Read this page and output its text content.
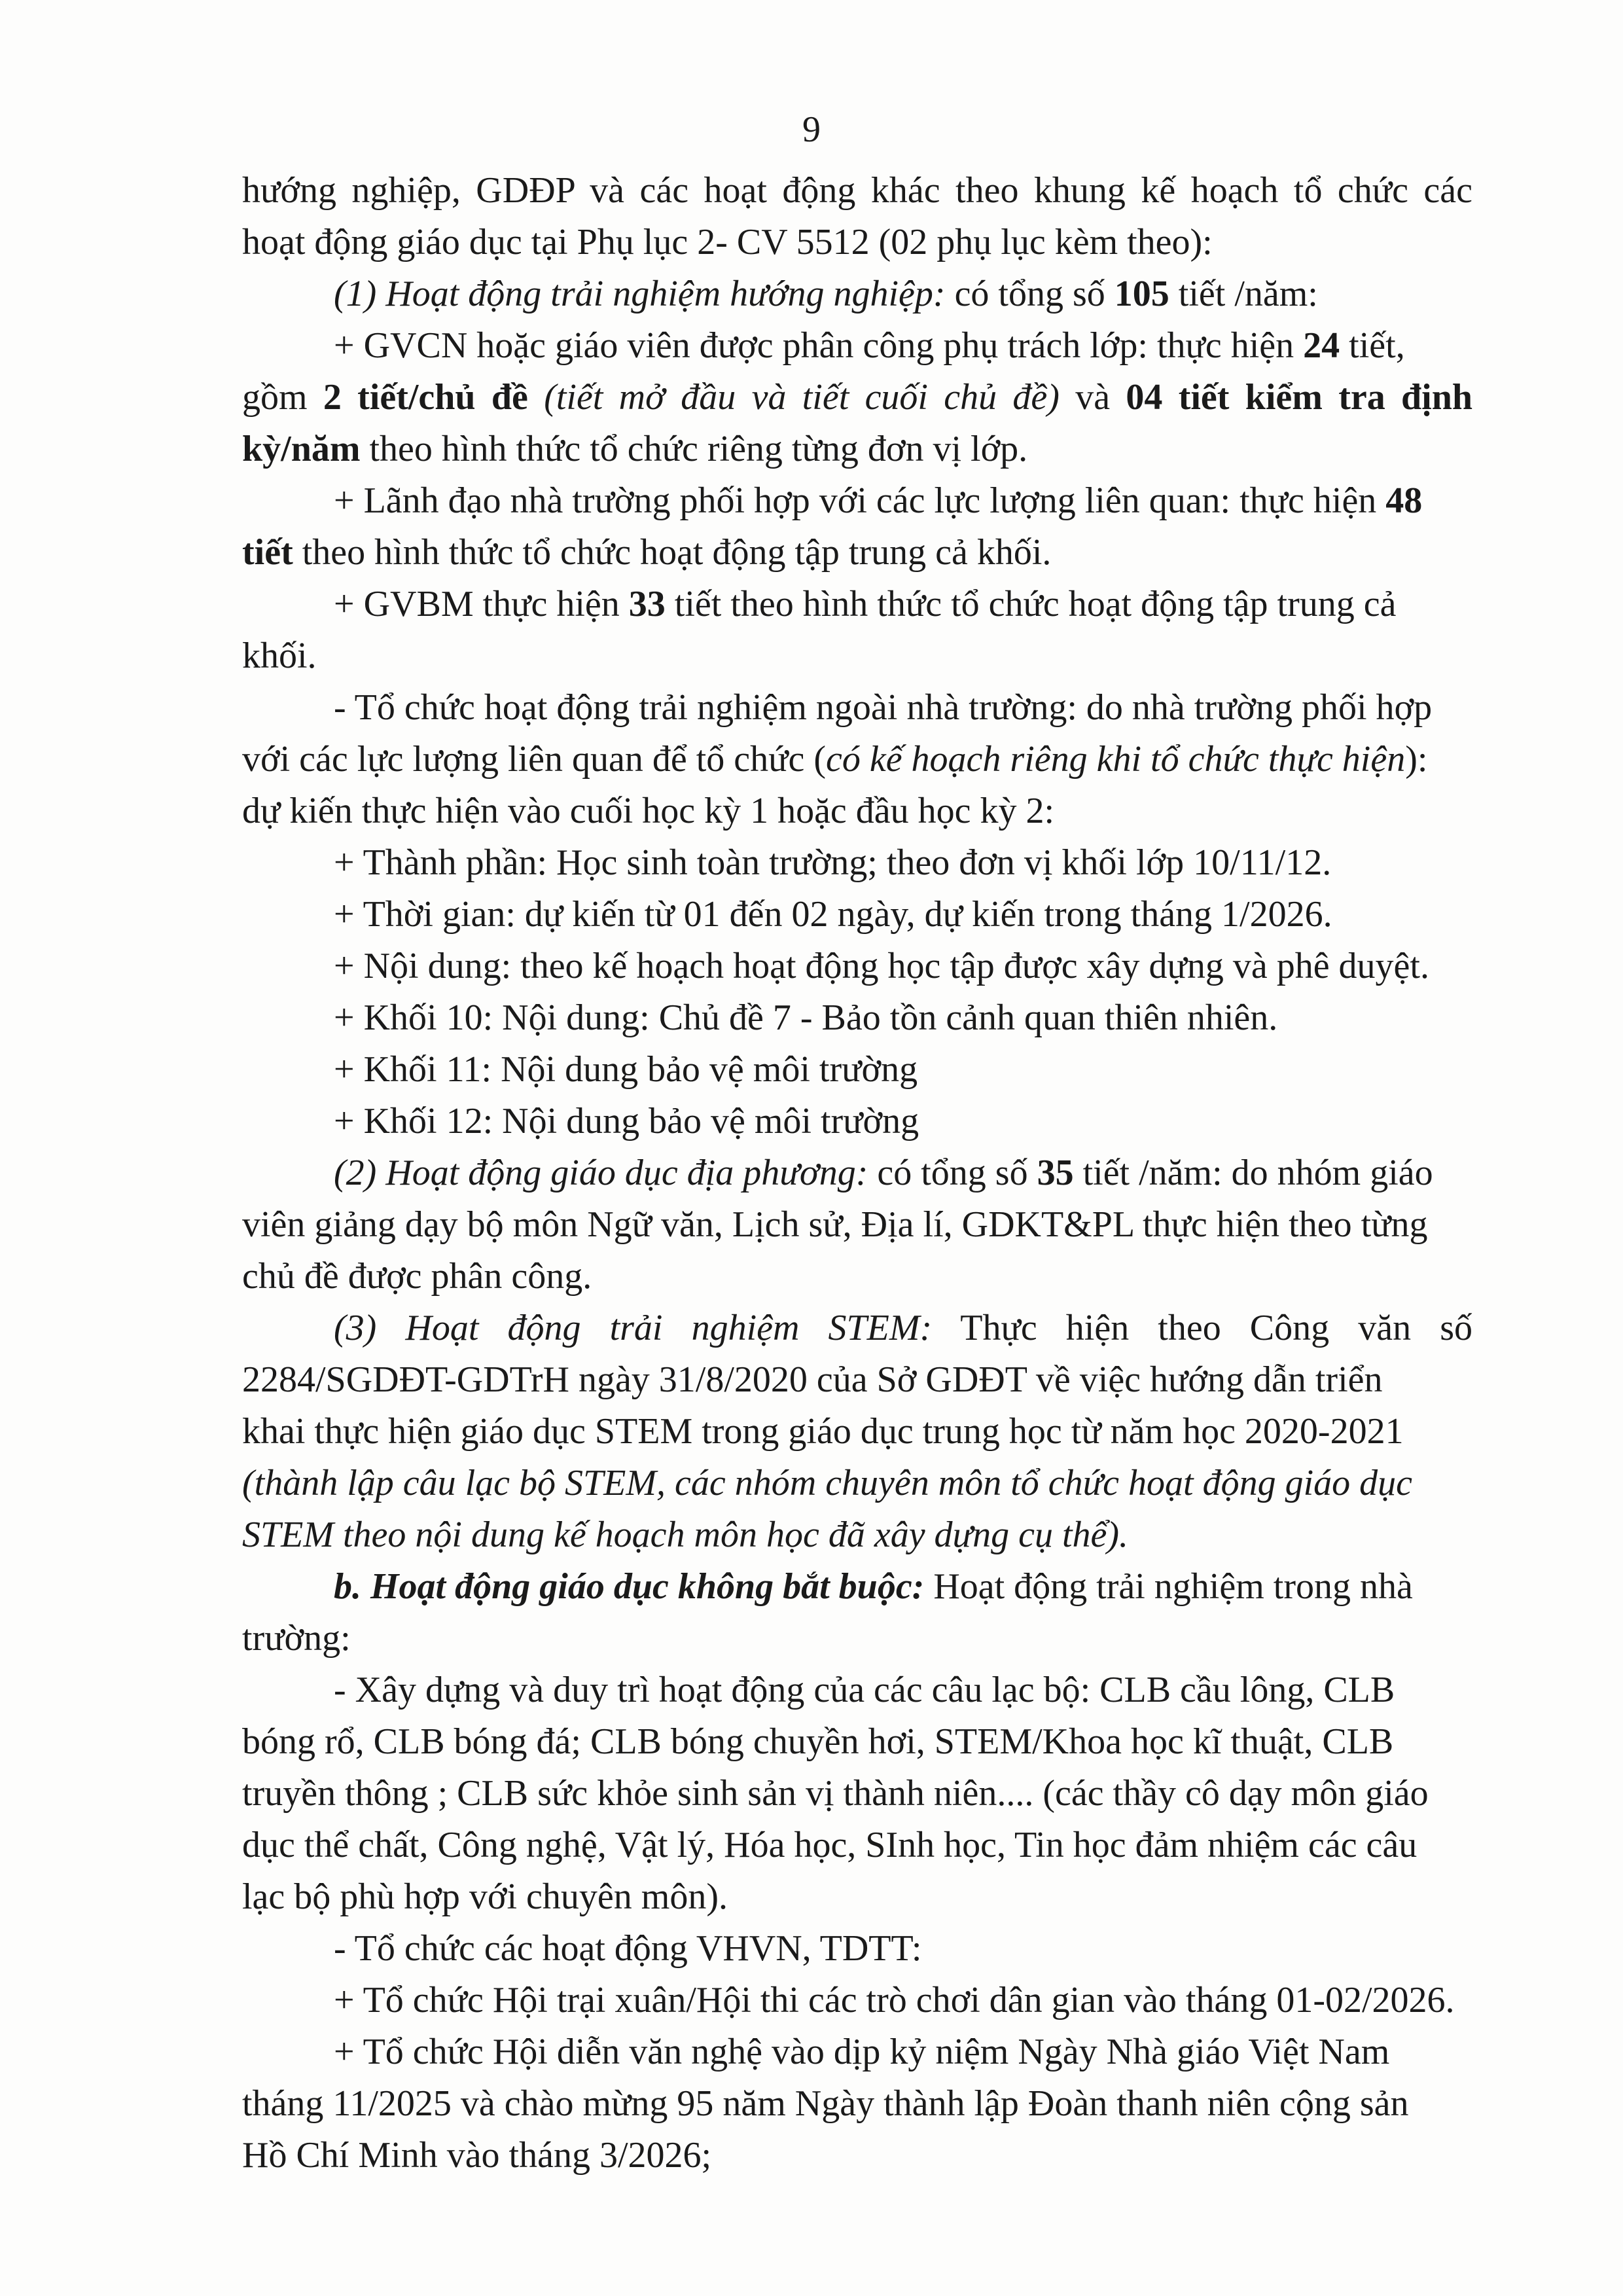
9
hướng nghiệp, GDĐP và các hoạt động khác theo khung kế hoạch tổ chức các
hoạt động giáo dục tại Phụ lục 2- CV 5512 (02 phụ lục kèm theo):
(1) Hoạt động trải nghiệm hướng nghiệp: có tổng số 105 tiết /năm:
+ GVCN hoặc giáo viên được phân công phụ trách lớp: thực hiện 24 tiết,
gồm 2 tiết/chủ đề (tiết mở đầu và tiết cuối chủ đề) và 04 tiết kiểm tra định
kỳ/năm theo hình thức tổ chức riêng từng đơn vị lớp.
+ Lãnh đạo nhà trường phối hợp với các lực lượng liên quan: thực hiện 48
tiết theo hình thức tổ chức hoạt động tập trung cả khối.
+ GVBM thực hiện 33 tiết theo hình thức tổ chức hoạt động tập trung cả
khối.
- Tổ chức hoạt động trải nghiệm ngoài nhà trường: do nhà trường phối hợp
với các lực lượng liên quan để tổ chức (có kế hoạch riêng khi tổ chức thực hiện):
dự kiến thực hiện vào cuối học kỳ 1 hoặc đầu học kỳ 2:
+ Thành phần: Học sinh toàn trường; theo đơn vị khối lớp 10/11/12.
+ Thời gian: dự kiến từ 01 đến 02 ngày, dự kiến trong tháng 1/2026.
+ Nội dung: theo kế hoạch hoạt động học tập được xây dựng và phê duyệt.
+ Khối 10: Nội dung: Chủ đề 7 - Bảo tồn cảnh quan thiên nhiên.
+ Khối 11: Nội dung bảo vệ môi trường
+ Khối 12: Nội dung bảo vệ môi trường
(2) Hoạt động giáo dục địa phương: có tổng số 35 tiết /năm: do nhóm giáo
viên giảng dạy bộ môn Ngữ văn, Lịch sử, Địa lí, GDKT&PL thực hiện theo từng
chủ đề được phân công.
(3) Hoạt động trải nghiệm STEM: Thực hiện theo Công văn số
2284/SGDĐT-GDTrH ngày 31/8/2020 của Sở GDĐT về việc hướng dẫn triển
khai thực hiện giáo dục STEM trong giáo dục trung học từ năm học 2020-2021
(thành lập câu lạc bộ STEM, các nhóm chuyên môn tổ chức hoạt động giáo dục
STEM theo nội dung kế hoạch môn học đã xây dựng cụ thể).
b. Hoạt động giáo dục không bắt buộc: Hoạt động trải nghiệm trong nhà
trường:
- Xây dựng và duy trì hoạt động của các câu lạc bộ: CLB cầu lông, CLB
bóng rổ, CLB bóng đá; CLB bóng chuyền hơi, STEM/Khoa học kĩ thuật, CLB
truyền thông ; CLB sức khỏe sinh sản vị thành niên.... (các thầy cô dạy môn giáo
dục thể chất, Công nghệ, Vật lý, Hóa học, SInh học, Tin học đảm nhiệm các câu
lạc bộ phù hợp với chuyên môn).
- Tổ chức các hoạt động VHVN, TDTT:
+ Tổ chức Hội trại xuân/Hội thi các trò chơi dân gian vào tháng 01-02/2026.
+ Tổ chức Hội diễn văn nghệ vào dịp kỷ niệm Ngày Nhà giáo Việt Nam
tháng 11/2025 và chào mừng 95 năm Ngày thành lập Đoàn thanh niên cộng sản
Hồ Chí Minh vào tháng 3/2026;
